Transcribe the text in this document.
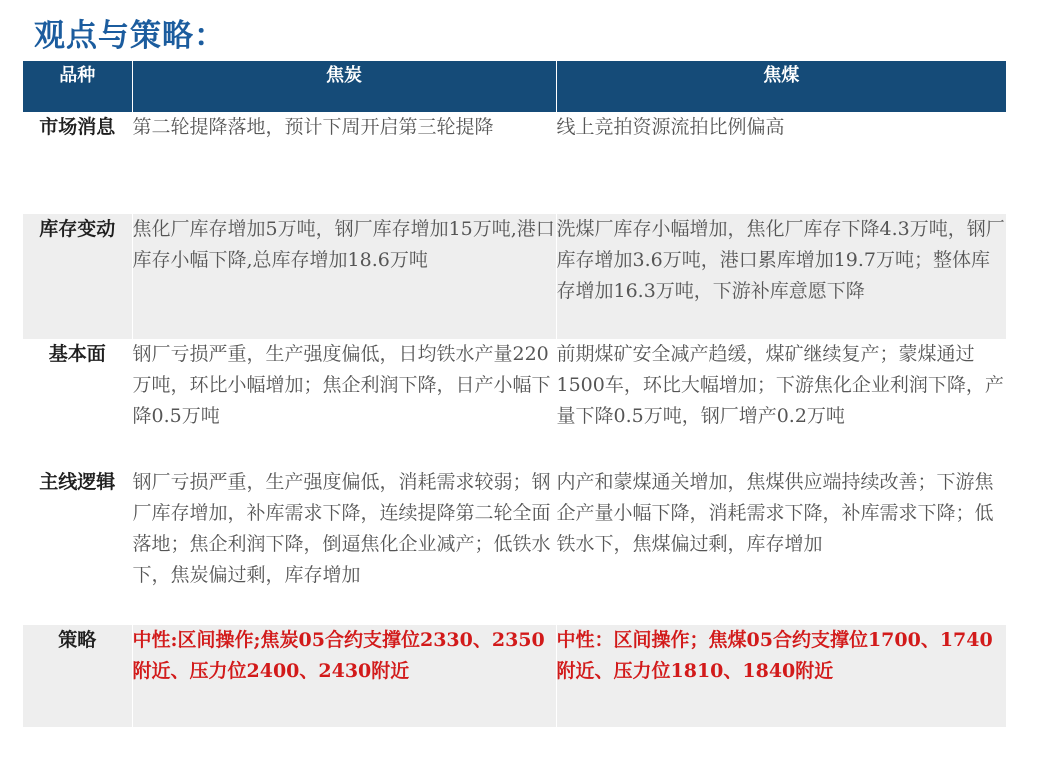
观点与策略：
品种	焦炭	焦煤
市场消息	第二轮提降落地，预计下周开启第三轮提降	线上竞拍资源流拍比例偏高
库存变动	焦化厂库存增加5万吨，钢厂库存增加15万吨,港口库存小幅下降,总库存增加18.6万吨	洗煤厂库存小幅增加，焦化厂库存下降4.3万吨，钢厂库存增加3.6万吨，港口累库增加19.7万吨；整体库存增加16.3万吨，下游补库意愿下降
基本面	钢厂亏损严重，生产强度偏低，日均铁水产量220万吨，环比小幅增加；焦企利润下降，日产小幅下降0.5万吨	前期煤矿安全减产趋缓，煤矿继续复产；蒙煤通过1500车，环比大幅增加；下游焦化企业利润下降，产量下降0.5万吨，钢厂增产0.2万吨
主线逻辑	钢厂亏损严重，生产强度偏低，消耗需求较弱；钢厂库存增加，补库需求下降，连续提降第二轮全面落地；焦企利润下降，倒逼焦化企业减产；低铁水下，焦炭偏过剩，库存增加	内产和蒙煤通关增加，焦煤供应端持续改善；下游焦企产量小幅下降，消耗需求下降，补库需求下降；低铁水下，焦煤偏过剩，库存增加
策略	中性:区间操作;焦炭05合约支撑位2330、2350附近、压力位2400、2430附近	中性：区间操作；焦煤05合约支撑位1700、1740附近、压力位1810、1840附近
